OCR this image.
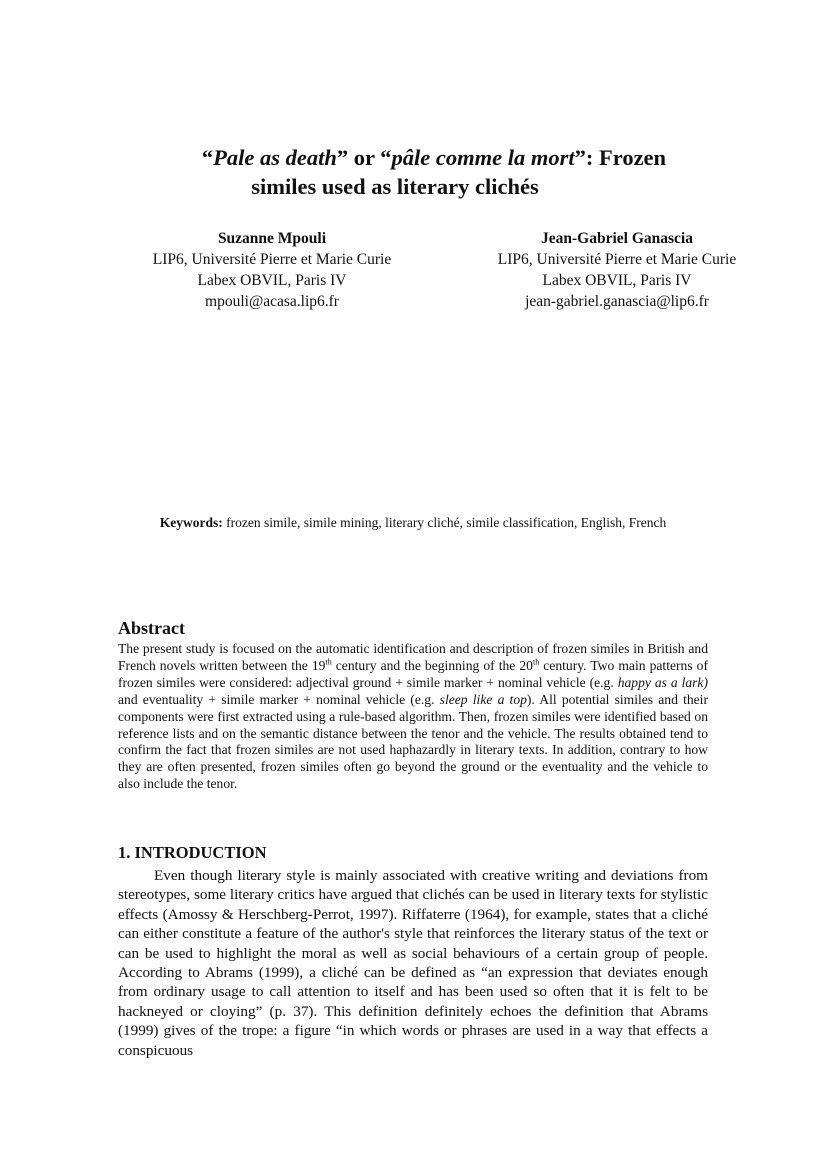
“Pale as death” or “pâle comme la mort”: Frozen
similes used as literary clichés
Suzanne Mpouli
LIP6, Université Pierre et Marie Curie
Labex OBVIL, Paris IV
mpouli@acasa.lip6.fr
Jean-Gabriel Ganascia
LIP6, Université Pierre et Marie Curie
Labex OBVIL, Paris IV
jean-gabriel.ganascia@lip6.fr
Keywords: frozen simile, simile mining, literary cliché, simile classification, English, French
Abstract
The present study is focused on the automatic identification and description of frozen similes in British and French novels written between the 19th century and the beginning of the 20th century. Two main patterns of frozen similes were considered: adjectival ground + simile marker + nominal vehicle (e.g. happy as a lark) and eventuality + simile marker + nominal vehicle (e.g. sleep like a top). All potential similes and their components were first extracted using a rule-based algorithm. Then, frozen similes were identified based on reference lists and on the semantic distance between the tenor and the vehicle. The results obtained tend to confirm the fact that frozen similes are not used haphazardly in literary texts. In addition, contrary to how they are often presented, frozen similes often go beyond the ground or the eventuality and the vehicle to also include the tenor.
1. INTRODUCTION

Even though literary style is mainly associated with creative writing and deviations from stereotypes, some literary critics have argued that clichés can be used in literary texts for stylistic effects (Amossy & Herschberg-Perrot, 1997). Riffaterre (1964), for example, states that a cliché can either constitute a feature of the author's style that reinforces the literary status of the text or can be used to highlight the moral as well as social behaviours of a certain group of people. According to Abrams (1999), a cliché can be defined as “an expression that deviates enough from ordinary usage to call attention to itself and has been used so often that it is felt to be hackneyed or cloying” (p. 37). This definition definitely echoes the definition that Abrams (1999) gives of the trope: a figure “in which words or phrases are used in a way that effects a conspicuous
